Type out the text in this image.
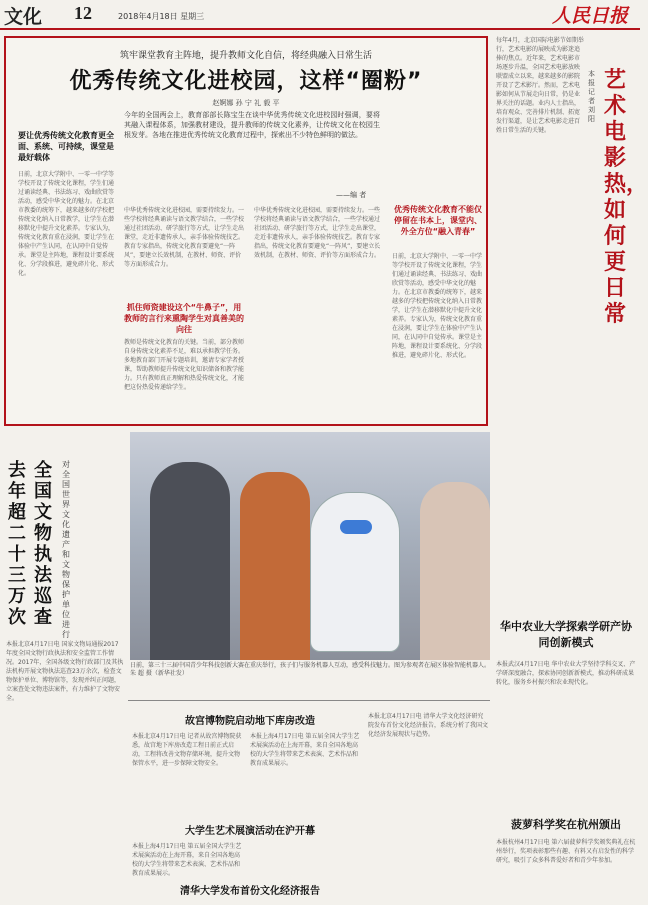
文化 12	2018年4月18日 星期三	人民日报
筑牢课堂教育主阵地，提升教师文化自信，将经典融入日常生活
优秀传统文化进校园，这样“圈粉”
赵婀娜 孙 宁 礼 毅 平
今年的全国两会上，教育部部长陈宝生在谈中华优秀传统文化进校园时强调，要将其融入课程体系，加强教材建设，提升教师的传统文化素养，让传统文化在校园生根发芽。各地在推进优秀传统文化教育过程中，探索出不少特色鲜明的做法。
——编 者
要让优秀传统文化教育更全面、系统、可持续，课堂是最好载体
日前，北京大学附中、一零一中学等学校开设了传统文化课程，学生们通过诵读经典、书法练习、戏曲欣赏等活动，感受中华文化的魅力。在北京市教委的统筹下，越来越多的学校把传统文化纳入日常教学，让学生在潜移默化中提升文化素养。专家认为，传统文化教育重在浸润，要让学生在体验中产生认同，在认同中自觉传承。课堂是主阵地，课程设计要系统化、分学段推进，避免碎片化、形式化。
中华优秀传统文化进校园，需要持续发力。一些学校将经典诵读与语文教学结合，一些学校通过社团活动、研学旅行等方式，让学生走出课堂，走近非遗传承人，亲手体验传统技艺。教育专家指出，传统文化教育要避免“一阵风”，要建立长效机制，在教材、师资、评价等方面形成合力。
抓住师资建设这个“牛鼻子”，用教师的言行来熏陶学生对真善美的向往
教师是传统文化教育的关键。当前，部分教师自身传统文化素养不足，难以承担教学任务。多地教育部门开展专题培训，邀请专家学者授课，帮助教师提升传统文化知识储备和教学能力。只有教师真正理解和热爱传统文化，才能把这份热爱传递给学生。
中华优秀传统文化进校园，需要持续发力。一些学校将经典诵读与语文教学结合，一些学校通过社团活动、研学旅行等方式，让学生走出课堂，走近非遗传承人，亲手体验传统技艺。教育专家指出，传统文化教育要避免“一阵风”，要建立长效机制，在教材、师资、评价等方面形成合力。
优秀传统文化教育不能仅停留在书本上，课堂内、外全方位“融入青春”
日前，北京大学附中、一零一中学等学校开设了传统文化课程，学生们通过诵读经典、书法练习、戏曲欣赏等活动，感受中华文化的魅力。在北京市教委的统筹下，越来越多的学校把传统文化纳入日常教学，让学生在潜移默化中提升文化素养。专家认为，传统文化教育重在浸润，要让学生在体验中产生认同，在认同中自觉传承。课堂是主阵地，课程设计要系统化、分学段推进，避免碎片化、形式化。
每年4月，北京国际电影节如期举行，艺术电影的展映成为影迷追捧的焦点。近年来，艺术电影市场逐步升温，全国艺术电影放映联盟成立以来，越来越多的影院开设了艺术影厅。然而，艺术电影如何从节展走向日常，仍是业界关注的话题。业内人士指出，培育观众、完善排片机制、拓宽发行渠道，是让艺术电影走进百姓日常生活的关键。
本报记者 刘阳
艺术电影热，如何更日常
去年超二十三万次
全国文物执法巡查
对全国世界文化遗产和文物保护单位进行
本报北京4月17日电 国家文物局通报2017年度全国文物行政执法和安全监管工作情况。2017年，全国各级文物行政部门及其执法机构开展文物执法巡查23万余次，检查文物保护单位、博物馆等，发现并纠正问题，立案查处文物违法案件，有力维护了文物安全。
日前，第三十三届中国青少年科技创新大赛在重庆举行，孩子们与服务机器人互动，感受科技魅力。图为参观者在展区体验智能机器人。 朱 超 摄（新华社发）
故宫博物院启动地下库房改造
本报北京4月17日电 记者从故宫博物院获悉，故宫地下库房改造工程日前正式启动，工程将改善文物存储环境，提升文物保管水平，进一步保障文物安全。
本报上海4月17日电 第五届全国大学生艺术展演活动在上海开幕，来自全国各地高校的大学生将带来艺术表演、艺术作品和教育成果展示。
大学生艺术展演活动在沪开幕
本报上海4月17日电 第五届全国大学生艺术展演活动在上海开幕，来自全国各地高校的大学生将带来艺术表演、艺术作品和教育成果展示。
清华大学发布首份文化经济报告
本报北京4月17日电 清华大学文化经济研究院发布首份文化经济报告，系统分析了我国文化经济发展现状与趋势。
华中农业大学探索学研产协同创新模式
本报武汉4月17日电 华中农业大学坚持学科交叉、产学研深度融合，探索协同创新新模式，推动科研成果转化，服务乡村振兴和农业现代化。
菠萝科学奖在杭州颁出
本报杭州4月17日电 第六届菠萝科学奖颁奖典礼在杭州举行，奖项表彰那些有趣、有料又有启发性的科学研究，吸引了众多科普爱好者和青少年参加。
